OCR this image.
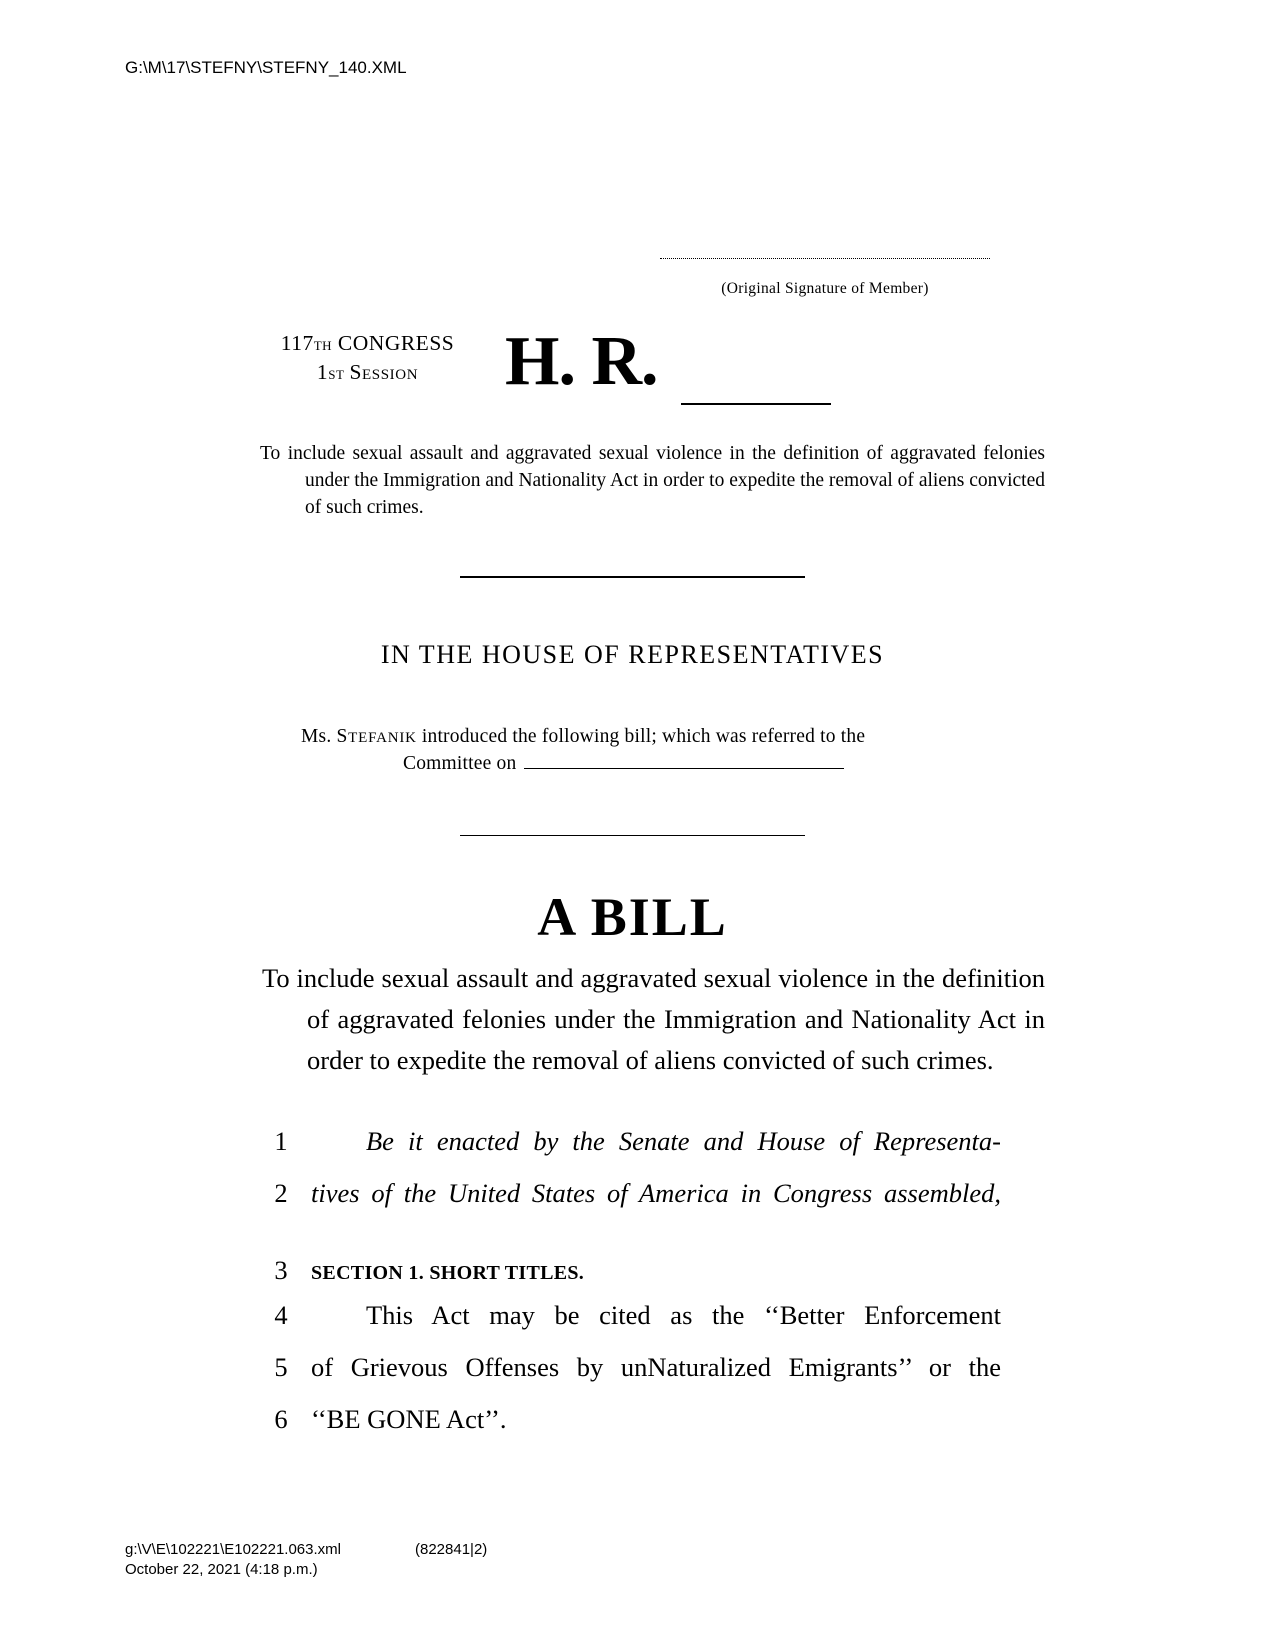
G:\M\17\STEFNY\STEFNY_140.XML
(Original Signature of Member)
117TH CONGRESS
1ST SESSION	H. R.
To include sexual assault and aggravated sexual violence in the definition of aggravated felonies under the Immigration and Nationality Act in order to expedite the removal of aliens convicted of such crimes.
IN THE HOUSE OF REPRESENTATIVES
Ms. STEFANIK introduced the following bill; which was referred to the
Committee on
A BILL
To include sexual assault and aggravated sexual violence in the definition of aggravated felonies under the Immigration and Nationality Act in order to expedite the removal of aliens convicted of such crimes.
1	Be it enacted by the Senate and House of Representa-
2 tives of the United States of America in Congress assembled,
3	SECTION 1. SHORT TITLES.
4	This Act may be cited as the ‘‘Better Enforcement
5 of Grievous Offenses by unNaturalized Emigrants’’ or the
6 ‘‘BE GONE Act’’.
g:\V\E\102221\E102221.063.xml	(822841|2)
October 22, 2021 (4:18 p.m.)
